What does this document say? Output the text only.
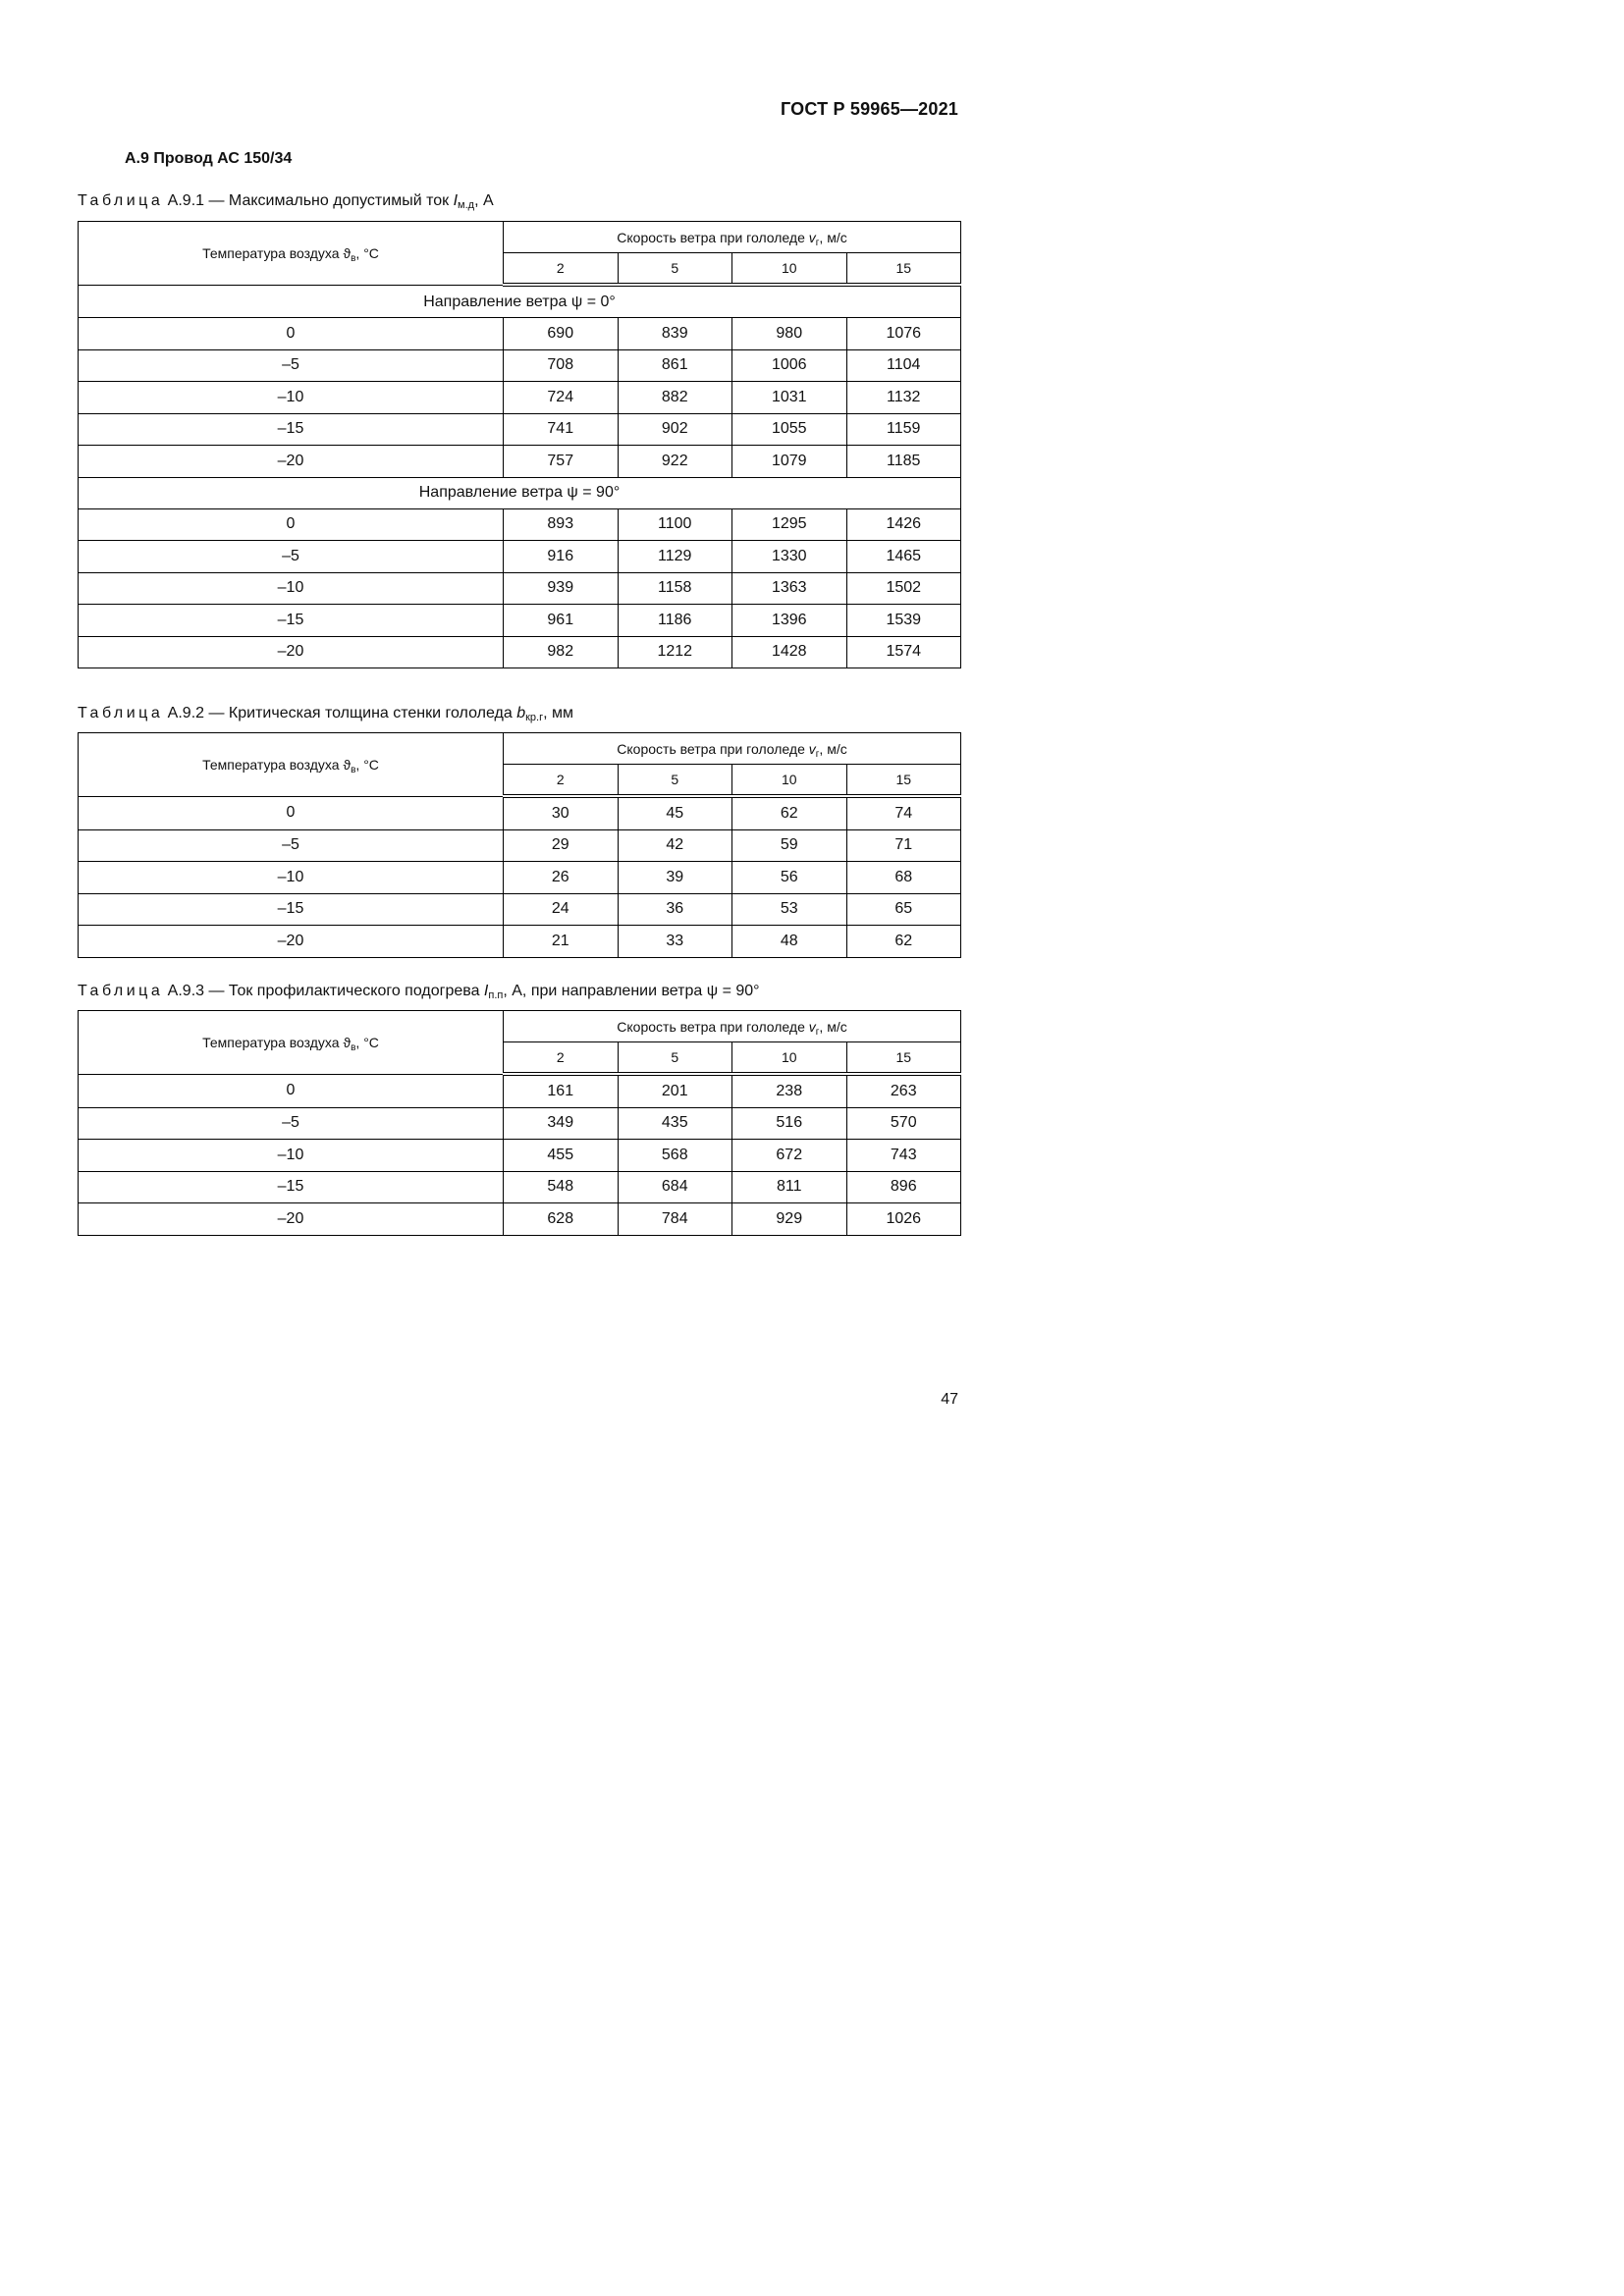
ГОСТ Р 59965—2021
А.9 Провод АС 150/34
Таблица А.9.1 — Максимально допустимый ток $I_{м.д}$, А
Температура воздуха $ϑ_в$, °С	Скорость ветра при гололеде $v_г$, м/с			
	2	5	10	15
Направление ветра ψ = 0°				
0	690	839	980	1076
–5	708	861	1006	1104
–10	724	882	1031	1132
–15	741	902	1055	1159
–20	757	922	1079	1185
Направление ветра ψ = 90°				
0	893	1100	1295	1426
–5	916	1129	1330	1465
–10	939	1158	1363	1502
–15	961	1186	1396	1539
–20	982	1212	1428	1574
Таблица А.9.2 — Критическая толщина стенки гололеда $b_{кр.г}$, мм
Температура воздуха $ϑ_в$, °С	Скорость ветра при гололеде $v_г$, м/с			
	2	5	10	15
0	30	45	62	74
–5	29	42	59	71
–10	26	39	56	68
–15	24	36	53	65
–20	21	33	48	62
Таблица А.9.3 — Ток профилактического подогрева $I_{п.п}$, А, при направлении ветра ψ = 90°
Температура воздуха $ϑ_в$, °С	Скорость ветра при гололеде $v_г$, м/с			
	2	5	10	15
0	161	201	238	263
–5	349	435	516	570
–10	455	568	672	743
–15	548	684	811	896
–20	628	784	929	1026
47
